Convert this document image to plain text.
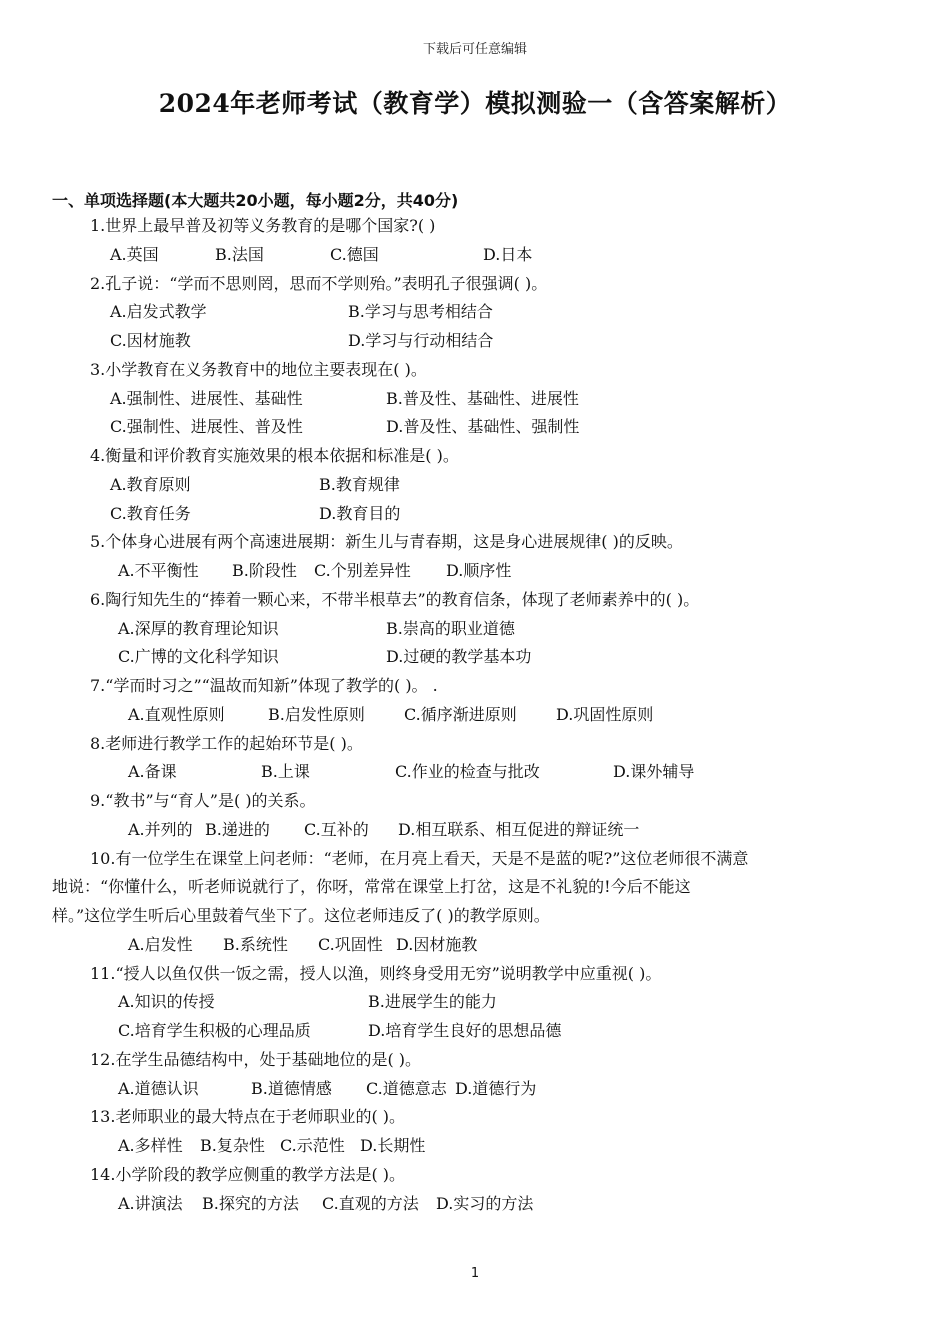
下载后可任意编辑
2024年老师考试（教育学）模拟测验一（含答案解析）
一、单项选择题(本大题共20小题，每小题2分，共40分)
1.世界上最早普及初等义务教育的是哪个国家?( )
A.英国	B.法国	C.德国	D.日本
2.孔子说：“学而不思则罔，思而不学则殆。”表明孔子很强调( )。
A.启发式教学	B.学习与思考相结合
C.因材施教	D.学习与行动相结合
3.小学教育在义务教育中的地位主要表现在( )。
A.强制性、进展性、基础性	B.普及性、基础性、进展性
C.强制性、进展性、普及性	D.普及性、基础性、强制性
4.衡量和评价教育实施效果的根本依据和标准是( )。
A.教育原则	B.教育规律
C.教育任务	D.教育目的
5.个体身心进展有两个高速进展期：新生儿与青春期，这是身心进展规律( )的反映。
A.不平衡性 B.阶段性 C.个别差异性 D.顺序性
6.陶行知先生的“捧着一颗心来，不带半根草去”的教育信条，体现了老师素养中的( )。
A.深厚的教育理论知识	B.崇高的职业道德
C.广博的文化科学知识	D.过硬的教学基本功
7.“学而时习之”“温故而知新”体现了教学的( )。 .
A.直观性原则	B.启发性原则 C.循序渐进原则 D.巩固性原则
8.老师进行教学工作的起始环节是( )。
A.备课	B.上课	C.作业的检查与批改	D.课外辅导
9.“教书”与“育人”是( )的关系。
A.并列的 B.递进的 C.互补的 D.相互联系、相互促进的辩证统一
10.有一位学生在课堂上问老师：“老师，在月亮上看天，天是不是蓝的呢?”这位老师很不满意
地说：“你懂什么，听老师说就行了，你呀，常常在课堂上打岔，这是不礼貌的!今后不能这
样。”这位学生听后心里鼓着气坐下了。这位老师违反了( )的教学原则。
A.启发性 B.系统性 C.巩固性 D.因材施教
11.“授人以鱼仅供一饭之需，授人以渔，则终身受用无穷”说明教学中应重视( )。
A.知识的传授	B.进展学生的能力
C.培育学生积极的心理品质	D.培育学生良好的思想品德
12.在学生品德结构中，处于基础地位的是( )。
A.道德认识	B.道德情感 C.道德意志 D.道德行为
13.老师职业的最大特点在于老师职业的( )。
A.多样性 B.复杂性 C.示范性 D.长期性
14.小学阶段的教学应侧重的教学方法是( )。
A.讲演法 B.探究的方法 C.直观的方法 D.实习的方法
1
